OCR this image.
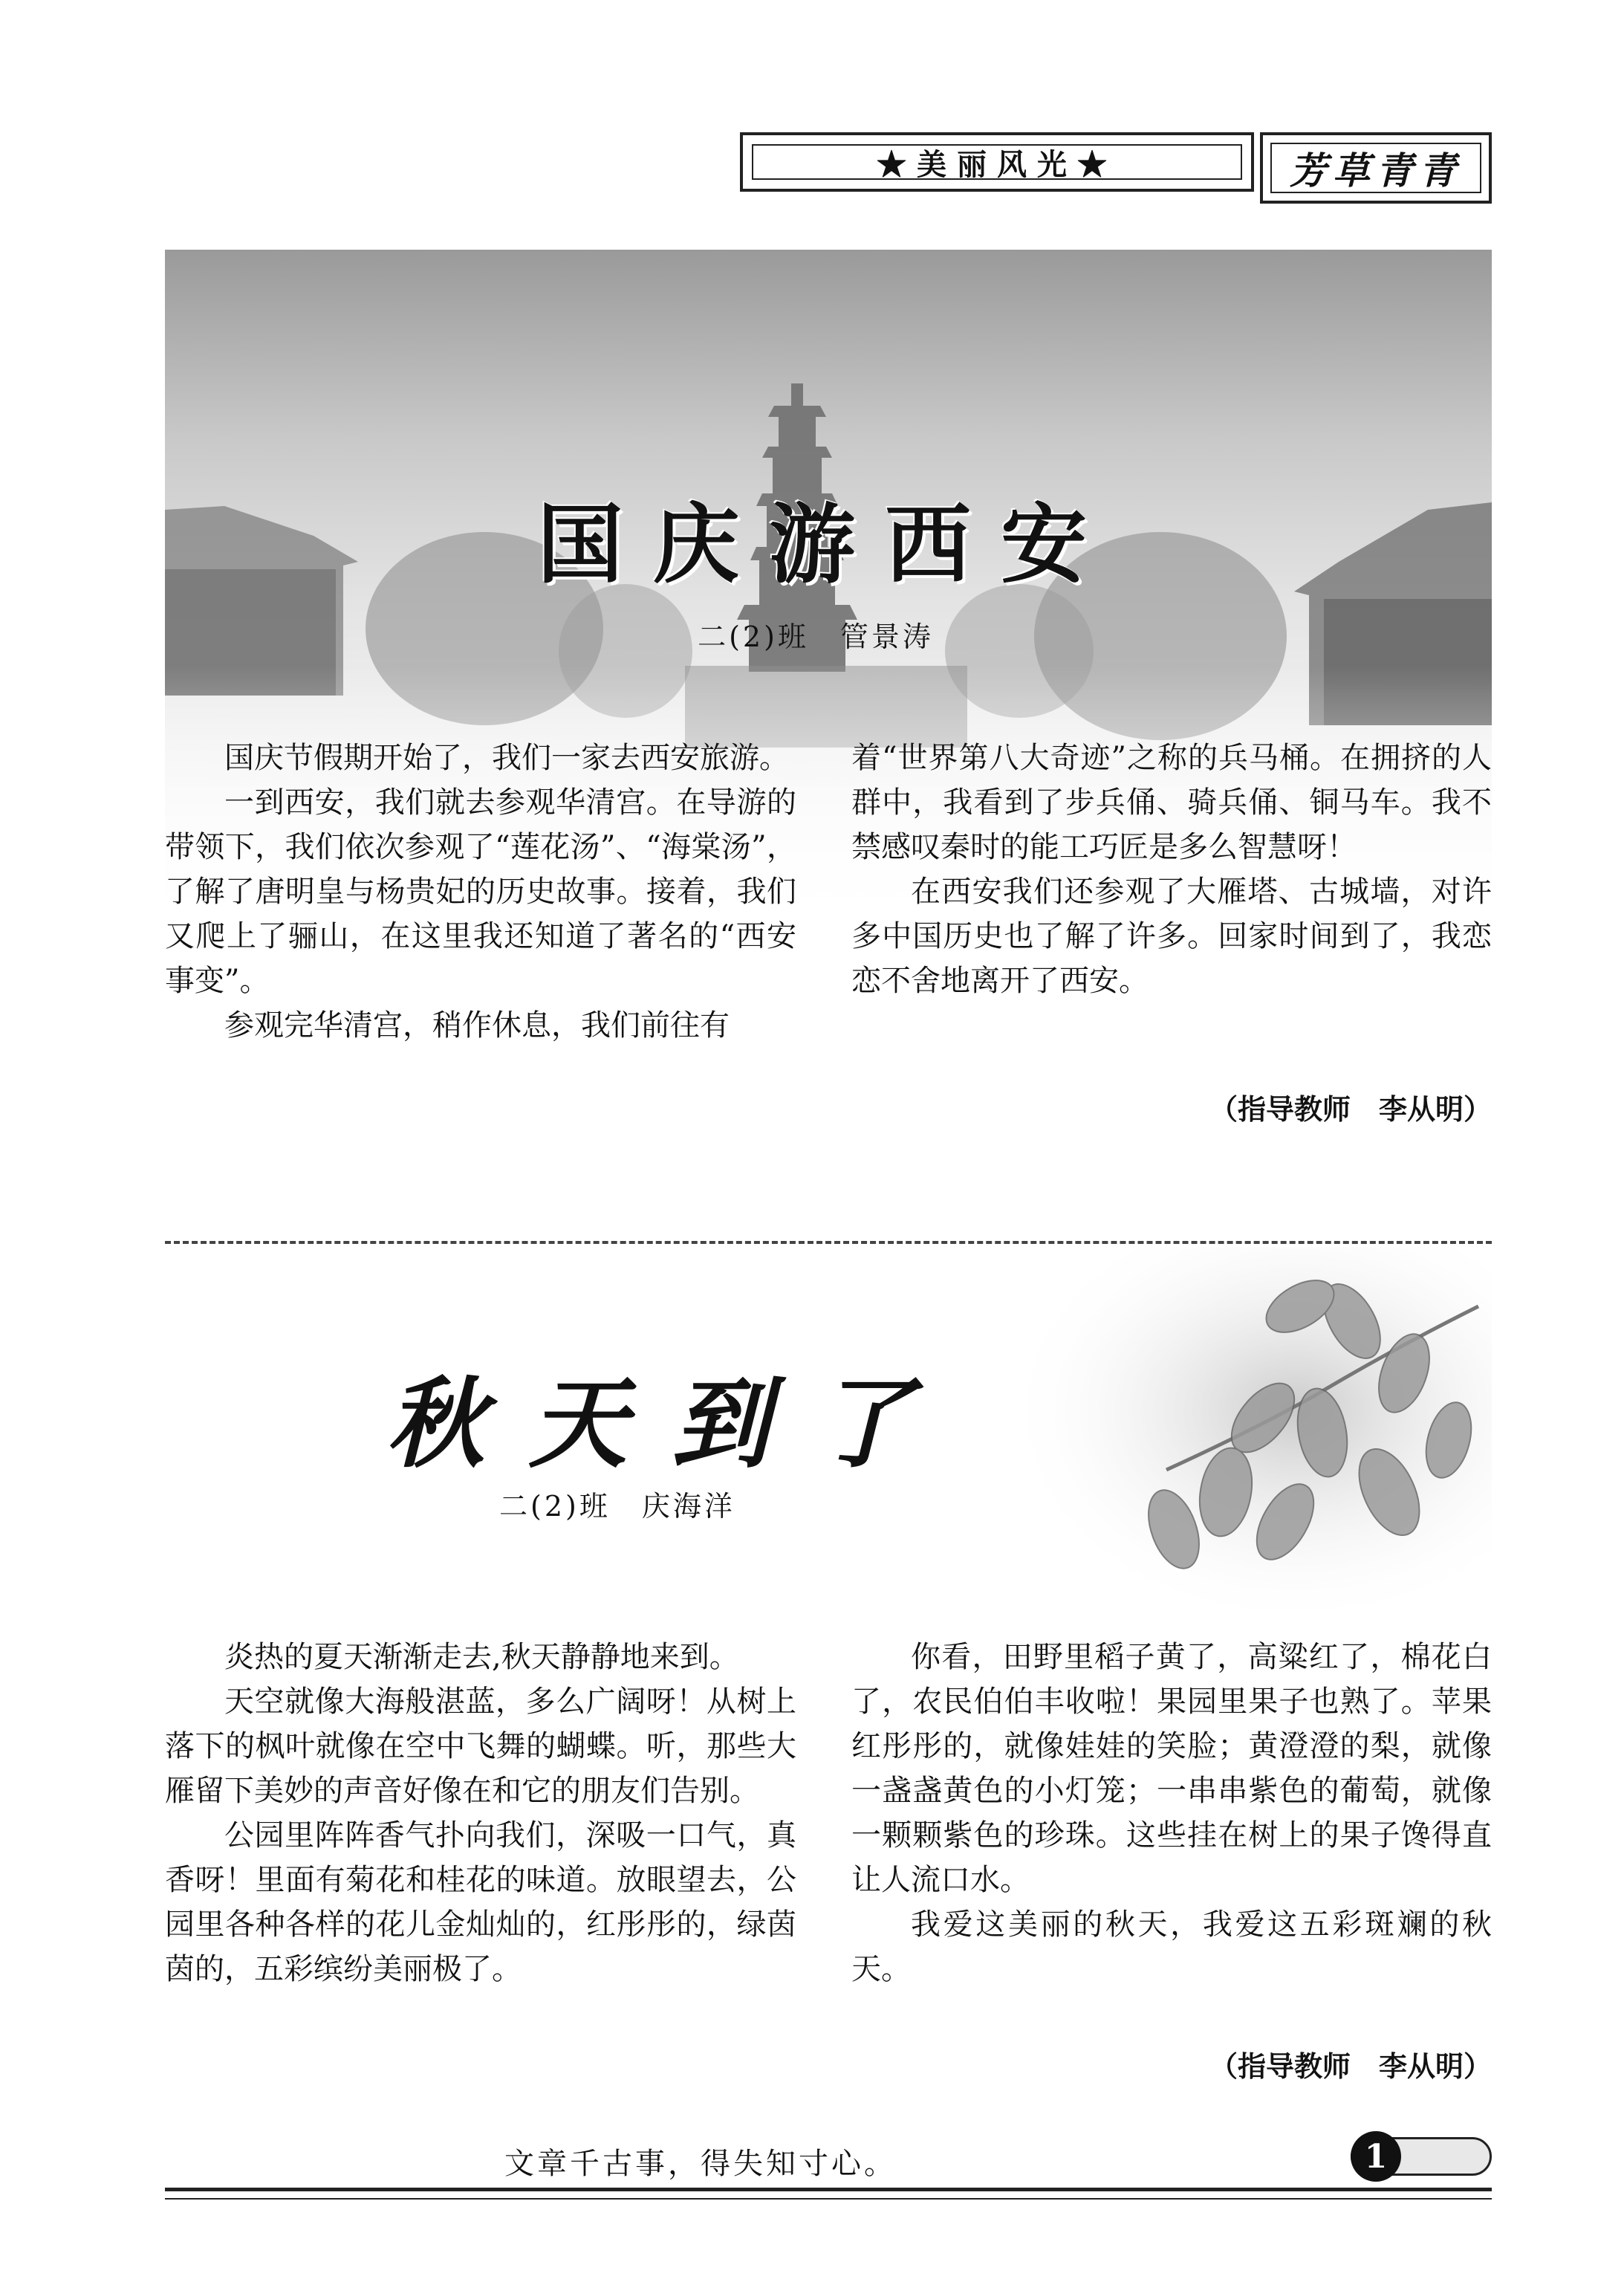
★美丽风光★	芳草青青
国庆游西安
二(2)班　管景涛

国庆节假期开始了，我们一家去西安旅游。

一到西安，我们就去参观华清宫。在导游的带领下，我们依次参观了“莲花汤”、“海棠汤”，了解了唐明皇与杨贵妃的历史故事。接着，我们又爬上了骊山，在这里我还知道了著名的“西安事变”。

参观完华清宫，稍作休息，我们前往有

着“世界第八大奇迹”之称的兵马桶。在拥挤的人群中，我看到了步兵俑、骑兵俑、铜马车。我不禁感叹秦时的能工巧匠是多么智慧呀！

在西安我们还参观了大雁塔、古城墙，对许多中国历史也了解了许多。回家时间到了，我恋恋不舍地离开了西安。

（指导教师　李从明）
秋天到了
二(2)班　庆海洋

炎热的夏天渐渐走去,秋天静静地来到。

天空就像大海般湛蓝，多么广阔呀！从树上落下的枫叶就像在空中飞舞的蝴蝶。听，那些大雁留下美妙的声音好像在和它的朋友们告别。

公园里阵阵香气扑向我们，深吸一口气，真香呀！里面有菊花和桂花的味道。放眼望去，公园里各种各样的花儿金灿灿的，红彤彤的，绿茵茵的，五彩缤纷美丽极了。

你看，田野里稻子黄了，高粱红了，棉花白了，农民伯伯丰收啦！果园里果子也熟了。苹果红彤彤的，就像娃娃的笑脸；黄澄澄的梨，就像一盏盏黄色的小灯笼；一串串紫色的葡萄，就像一颗颗紫色的珍珠。这些挂在树上的果子馋得直让人流口水。

我爱这美丽的秋天，我爱这五彩斑斓的秋天。

（指导教师　李从明）
文章千古事，得失知寸心。	1
